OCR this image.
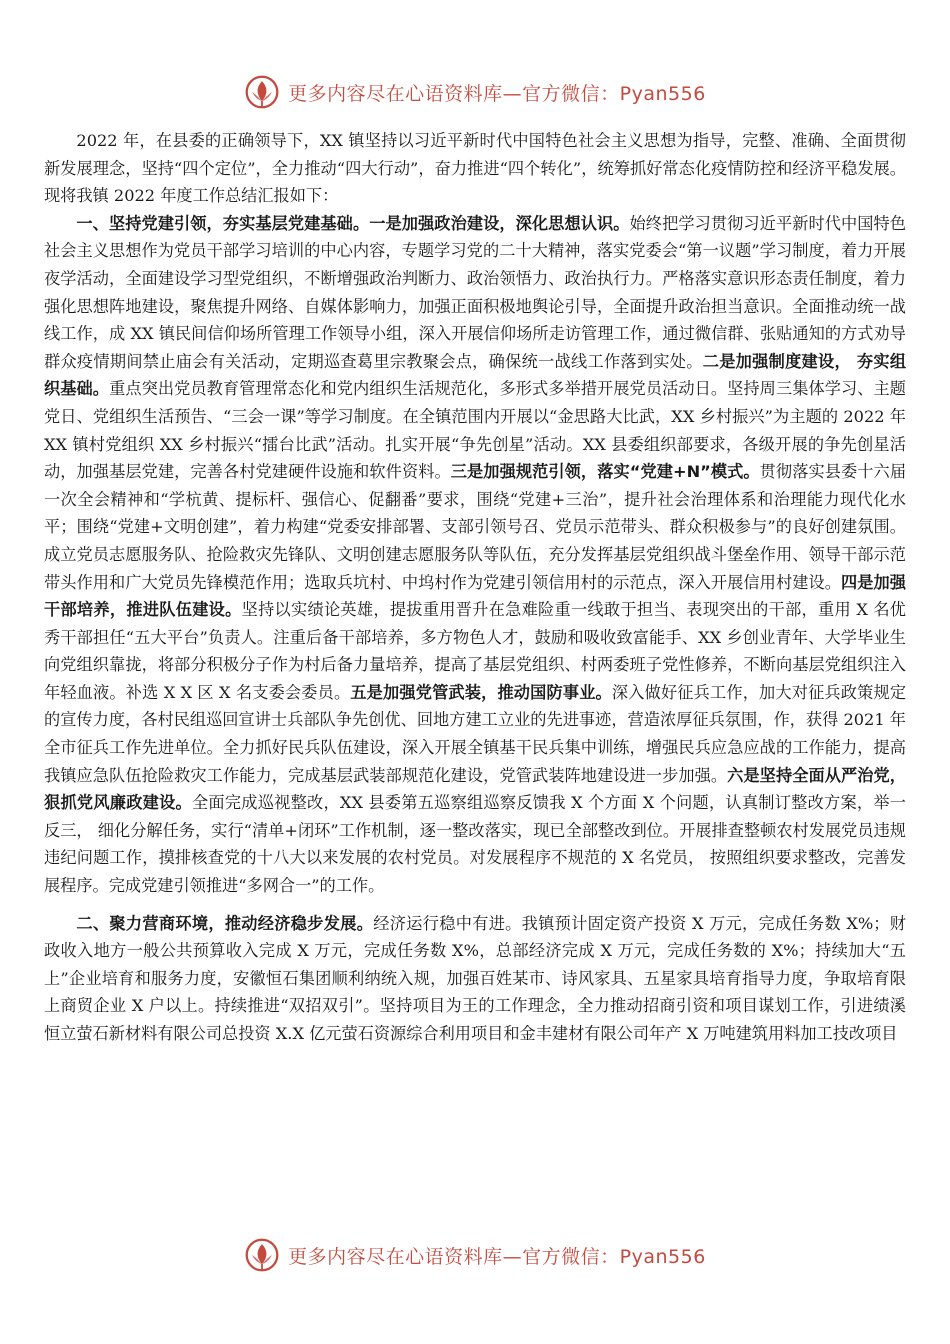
更多内容尽在心语资料库—官方微信：Pyan556

2022 年，在县委的正确领导下，XX 镇坚持以习近平新时代中国特色社会主义思想为指导，完整、准确、全面贯彻新发展理念，坚持“四个定位”，全力推动“四大行动”，奋力推进“四个转化”，统筹抓好常态化疫情防控和经济平稳发展。现将我镇 2022 年度工作总结汇报如下：

一、坚持党建引领，夯实基层党建基础。一是加强政治建设，深化思想认识。始终把学习贯彻习近平新时代中国特色社会主义思想作为党员干部学习培训的中心内容，专题学习党的二十大精神，落实党委会“第一议题”学习制度，着力开展夜学活动，全面建设学习型党组织，不断增强政治判断力、政治领悟力、政治执行力。严格落实意识形态责任制度，着力强化思想阵地建设，聚焦提升网络、自媒体影响力，加强正面积极地舆论引导，全面提升政治担当意识。全面推动统一战线工作，成 XX 镇民间信仰场所管理工作领导小组，深入开展信仰场所走访管理工作，通过微信群、张贴通知的方式劝导群众疫情期间禁止庙会有关活动，定期巡查葛里宗教聚会点，确保统一战线工作落到实处。二是加强制度建设， 夯实组织基础。重点突出党员教育管理常态化和党内组织生活规范化，多形式多举措开展党员活动日。坚持周三集体学习、主题党日、党组织生活预告、“三会一课”等学习制度。在全镇范围内开展以“金思路大比武，XX 乡村振兴”为主题的 2022 年 XX 镇村党组织 XX 乡村振兴“擂台比武”活动。扎实开展“争先创星”活动。XX 县委组织部要求，各级开展的争先创星活动，加强基层党建，完善各村党建硬件设施和软件资料。三是加强规范引领，落实“党建+N”模式。贯彻落实县委十六届一次全会精神和“学杭黄、提标杆、强信心、促翻番”要求，围绕“党建+三治”，提升社会治理体系和治理能力现代化水平；围绕“党建+文明创建”，着力构建“党委安排部署、支部引领号召、党员示范带头、群众积极参与”的良好创建氛围。成立党员志愿服务队、抢险救灾先锋队、文明创建志愿服务队等队伍，充分发挥基层党组织战斗堡垒作用、领导干部示范带头作用和广大党员先锋模范作用；选取兵坑村、中坞村作为党建引领信用村的示范点，深入开展信用村建设。四是加强干部培养，推进队伍建设。坚持以实绩论英雄，提拔重用晋升在急难险重一线敢于担当、表现突出的干部，重用 X 名优秀干部担任“五大平台”负责人。注重后备干部培养，多方物色人才，鼓励和吸收致富能手、XX 乡创业青年、大学毕业生向党组织靠拢，将部分积极分子作为村后备力量培养，提高了基层党组织、村两委班子党性修养，不断向基层党组织注入年轻血液。补选 X X 区 X 名支委会委员。五是加强党管武装，推动国防事业。深入做好征兵工作，加大对征兵政策规定的宣传力度，各村民组巡回宣讲士兵部队争先创优、回地方建工立业的先进事迹，营造浓厚征兵氛围，作，获得 2021 年全市征兵工作先进单位。全力抓好民兵队伍建设，深入开展全镇基干民兵集中训练，增强民兵应急应战的工作能力，提高我镇应急队伍抢险救灾工作能力，完成基层武装部规范化建设，党管武装阵地建设进一步加强。六是坚持全面从严治党，狠抓党风廉政建设。全面完成巡视整改，XX 县委第五巡察组巡察反馈我 X 个方面 X 个问题，认真制订整改方案，举一反三， 细化分解任务，实行“清单+闭环”工作机制，逐一整改落实，现已全部整改到位。开展排查整顿农村发展党员违规违纪问题工作，摸排核查党的十八大以来发展的农村党员。对发展程序不规范的 X 名党员， 按照组织要求整改，完善发展程序。完成党建引领推进“多网合一”的工作。

二、聚力营商环境，推动经济稳步发展。经济运行稳中有进。我镇预计固定资产投资 X 万元，完成任务数 X%；财政收入地方一般公共预算收入完成 X 万元，完成任务数 X%，总部经济完成 X 万元，完成任务数的 X%；持续加大“五上”企业培育和服务力度，安徽恒石集团顺利纳统入规，加强百姓某市、诗风家具、五星家具培育指导力度，争取培育限上商贸企业 X 户以上。持续推进“双招双引”。坚持项目为王的工作理念，全力推动招商引资和项目谋划工作，引进绩溪恒立萤石新材料有限公司总投资 X.X 亿元萤石资源综合利用项目和金丰建材有限公司年产 X 万吨建筑用料加工技改项目

更多内容尽在心语资料库—官方微信：Pyan556
